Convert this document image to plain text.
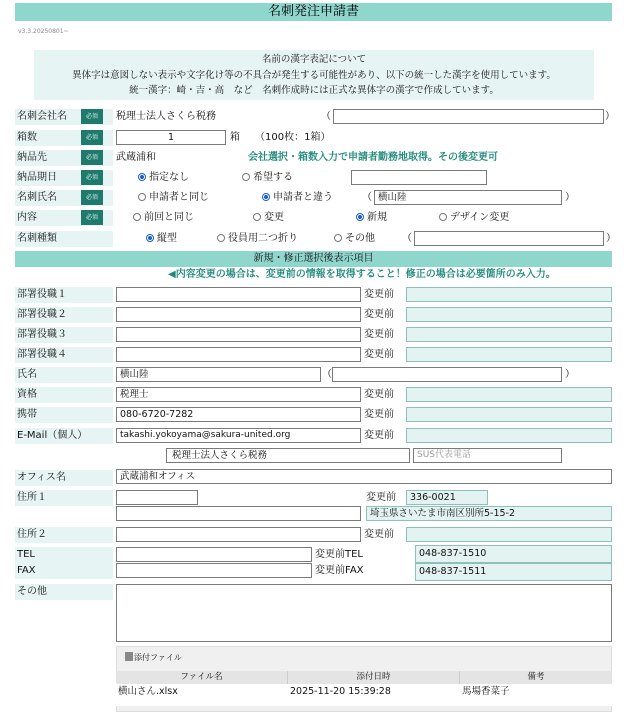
名刺発注申請書
v3.3.20250801~
名前の漢字表記について
異体字は意図しない表示や文字化け等の不具合が発生する可能性があり、以下の統一した漢字を使用しています。
統一漢字：崎・吉・高　など　名刺作成時には正式な異体字の漢字で作成しています。
名刺会社名	必須	税理士法人さくら税務	（	）
箱数	必須	1	箱 （100枚：1箱）
納品先	必須	武蔵浦和	会社選択・箱数入力で申請者勤務地取得。その後変更可
納品期日	必須	指定なし	希望する
名刺氏名	必須	申請者と同じ	申請者と違う	（ 横山陸	）
内容	必須	前回と同じ	変更	新規	デザイン変更
名刺種類	縦型	役員用二つ折り	その他	（	）
新規・修正選択後表示項目
◀内容変更の場合は、変更前の情報を取得すること！修正の場合は必要箇所のみ入力。
部署役職１	変更前
部署役職２	変更前
部署役職３	変更前
部署役職４	変更前
氏名	横山陸	（	）
資格	税理士	変更前
携帯	080-6720-7282	変更前
E-Mail（個人）	takashi.yokoyama@sakura-united.org	変更前
税理士法人さくら税務	SUS代表電話
オフィス名	武蔵浦和オフィス
住所１	変更前	336-0021
埼玉県さいたま市南区別所5-15-2
住所２	変更前
TEL	変更前TEL	048-837-1510
FAX	変更前FAX	048-837-1511
その他
添付ファイル
ファイル名	添付日時	備考
横山さん.xlsx	2025-11-20 15:39:28	馬場香菜子
